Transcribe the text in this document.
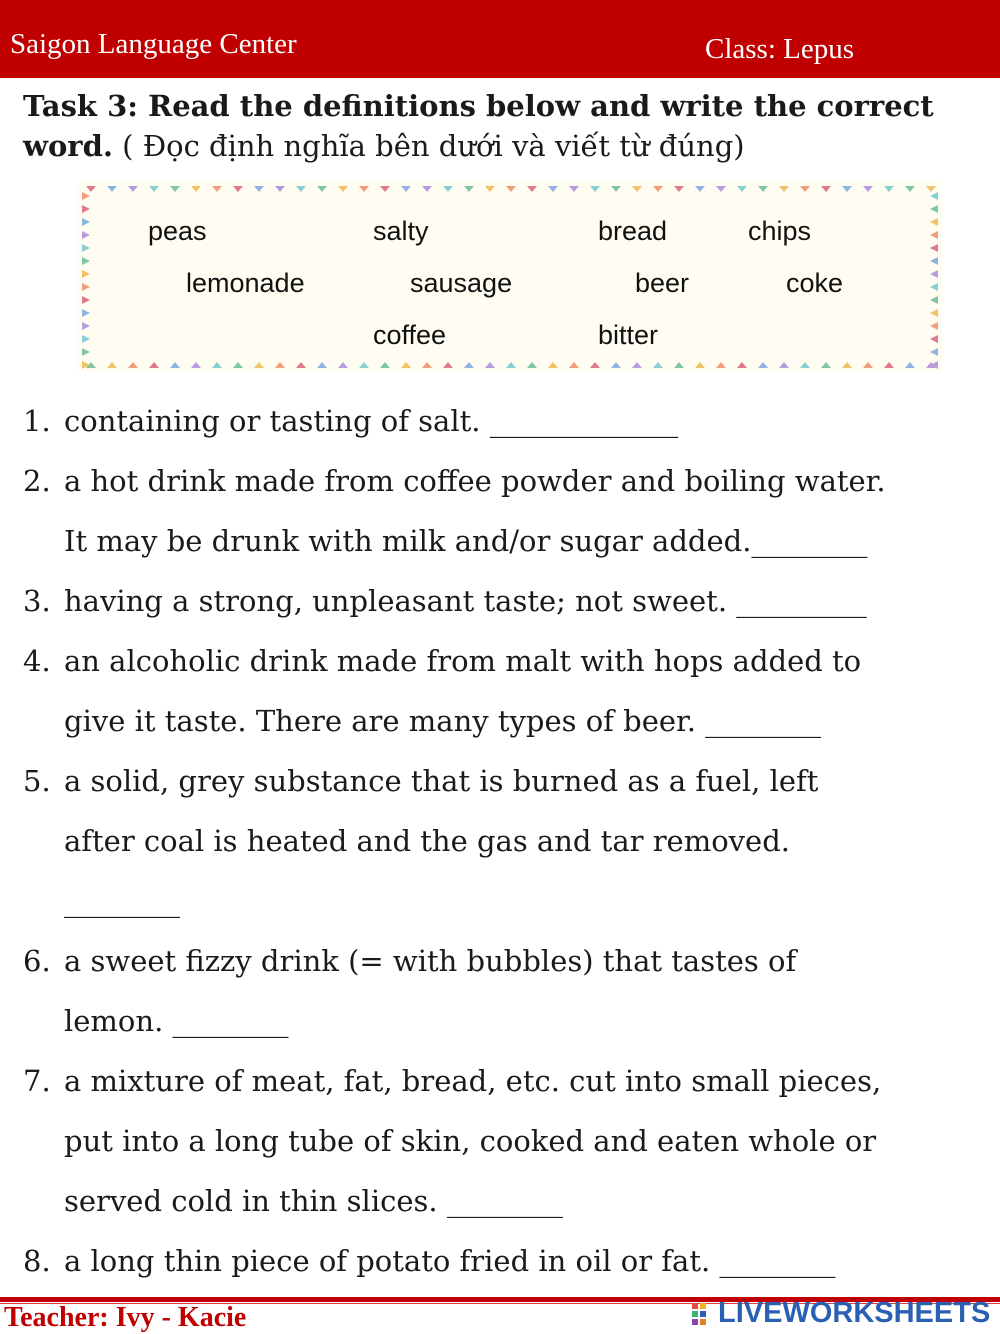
Saigon Language Center	Class: Lepus
Task 3: Read the definitions below and write the correct word. ( Đọc định nghĩa bên dưới và viết từ đúng)
peas	salty	bread	chips
lemonade	sausage	beer	coke
coffee	bitter
1. containing or tasting of salt. _____________
2. a hot drink made from coffee powder and boiling water.
It may be drunk with milk and/or sugar added.________
3. having a strong, unpleasant taste; not sweet. _________
4. an alcoholic drink made from malt with hops added to
give it taste. There are many types of beer. ________
5. a solid, grey substance that is burned as a fuel, left
after coal is heated and the gas and tar removed.
________
6. a sweet fizzy drink (= with bubbles) that tastes of
lemon. ________
7. a mixture of meat, fat, bread, etc. cut into small pieces,
put into a long tube of skin, cooked and eaten whole or
served cold in thin slices. ________
8. a long thin piece of potato fried in oil or fat. ________
Teacher: Ivy - Kacie	LIVEWORKSHEETS
